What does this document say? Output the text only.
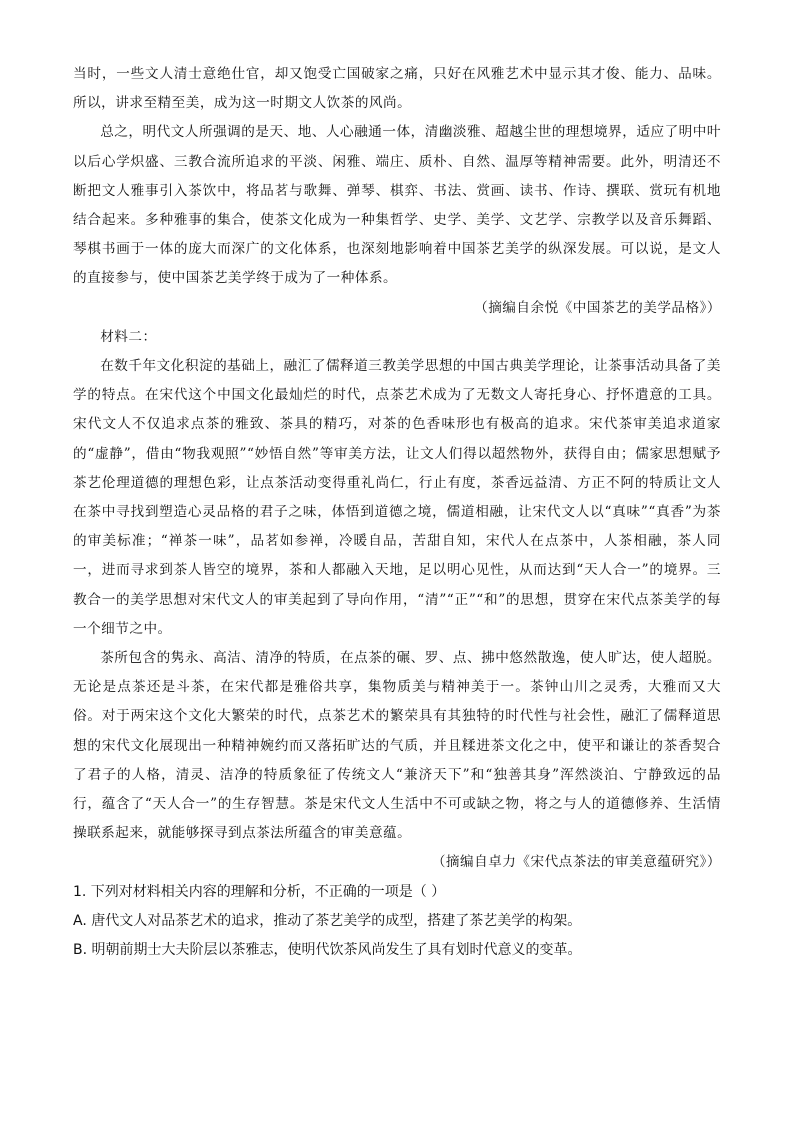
当时，一些文人清士意绝仕官，却又饱受亡国破家之痛，只好在风雅艺术中显示其才俊、能力、品味。所以，讲求至精至美，成为这一时期文人饮茶的风尚。

总之，明代文人所强调的是天、地、人心融通一体，清幽淡雅、超越尘世的理想境界，适应了明中叶以后心学炽盛、三教合流所追求的平淡、闲雅、端庄、质朴、自然、温厚等精神需要。此外，明清还不断把文人雅事引入茶饮中，将品茗与歌舞、弹琴、棋弈、书法、赏画、读书、作诗、撰联、赏玩有机地结合起来。多种雅事的集合，使茶文化成为一种集哲学、史学、美学、文艺学、宗教学以及音乐舞蹈、琴棋书画于一体的庞大而深广的文化体系，也深刻地影响着中国茶艺美学的纵深发展。可以说，是文人的直接参与，使中国茶艺美学终于成为了一种体系。

（摘编自余悦《中国茶艺的美学品格》）

材料二：

在数千年文化积淀的基础上，融汇了儒释道三教美学思想的中国古典美学理论，让茶事活动具备了美学的特点。在宋代这个中国文化最灿烂的时代，点茶艺术成为了无数文人寄托身心、抒怀遣意的工具。宋代文人不仅追求点茶的雅致、茶具的精巧，对茶的色香味形也有极高的追求。宋代茶审美追求道家的“虚静”，借由“物我观照”“妙悟自然”等审美方法，让文人们得以超然物外，获得自由；儒家思想赋予茶艺伦理道德的理想色彩，让点茶活动变得重礼尚仁，行止有度，茶香远益清、方正不阿的特质让文人在茶中寻找到塑造心灵品格的君子之味，体悟到道德之境，儒道相融，让宋代文人以“真味”“真香”为茶的审美标准；“禅茶一味”，品茗如参禅，冷暖自品，苦甜自知，宋代人在点茶中，人茶相融，茶人同一，进而寻求到茶人皆空的境界，茶和人都融入天地，足以明心见性，从而达到“天人合一”的境界。三教合一的美学思想对宋代文人的审美起到了导向作用，“清”“正”“和”的思想，贯穿在宋代点茶美学的每一个细节之中。

茶所包含的隽永、高洁、清净的特质，在点茶的碾、罗、点、拂中悠然散逸，使人旷达，使人超脱。无论是点茶还是斗茶，在宋代都是雅俗共享，集物质美与精神美于一。茶钟山川之灵秀，大雅而又大俗。对于两宋这个文化大繁荣的时代，点茶艺术的繁荣具有其独特的时代性与社会性，融汇了儒释道思想的宋代文化展现出一种精神婉约而又落拓旷达的气质，并且糅进茶文化之中，使平和谦让的茶香契合了君子的人格，清灵、洁净的特质象征了传统文人“兼济天下”和“独善其身”浑然淡泊、宁静致远的品行，蕴含了“天人合一”的生存智慧。茶是宋代文人生活中不可或缺之物，将之与人的道德修养、生活情操联系起来，就能够探寻到点茶法所蕴含的审美意蕴。

（摘编自卓力《宋代点茶法的审美意蕴研究》）

1. 下列对材料相关内容的理解和分析，不正确的一项是（ ）

A. 唐代文人对品茶艺术的追求，推动了茶艺美学的成型，搭建了茶艺美学的构架。

B. 明朝前期士大夫阶层以茶雅志，使明代饮茶风尚发生了具有划时代意义的变革。
